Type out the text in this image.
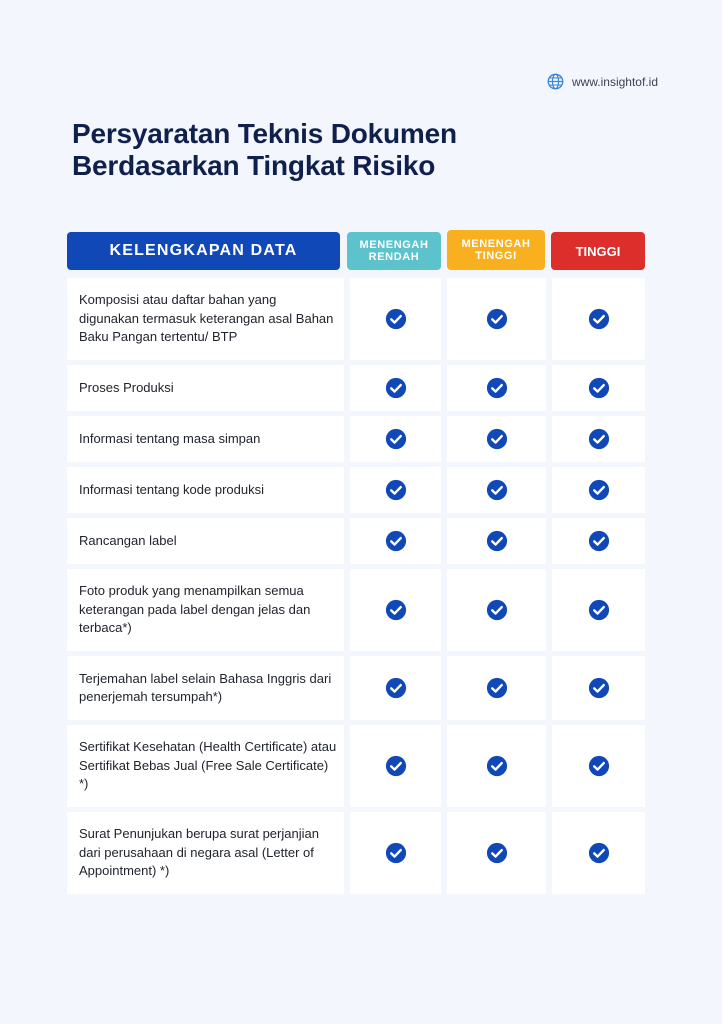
www.insightof.id
Persyaratan Teknis Dokumen
Berdasarkan Tingkat Risiko
KELENGKAPAN DATA	MENENGAH
RENDAH
MENENGAH
TINGGI	TINGGI
Komposisi atau daftar bahan yang digunakan termasuk keterangan asal Bahan Baku Pangan tertentu/ BTP
Proses Produksi
Informasi tentang masa simpan
Informasi tentang kode produksi
Rancangan label
Foto produk yang menampilkan semua keterangan pada label dengan jelas dan terbaca*)
Terjemahan label selain Bahasa Inggris dari penerjemah tersumpah*)
Sertifikat Kesehatan (Health Certificate) atau Sertifikat Bebas Jual (Free Sale Certificate) *)
Surat Penunjukan berupa surat perjanjian dari perusahaan di negara asal (Letter of Appointment) *)
